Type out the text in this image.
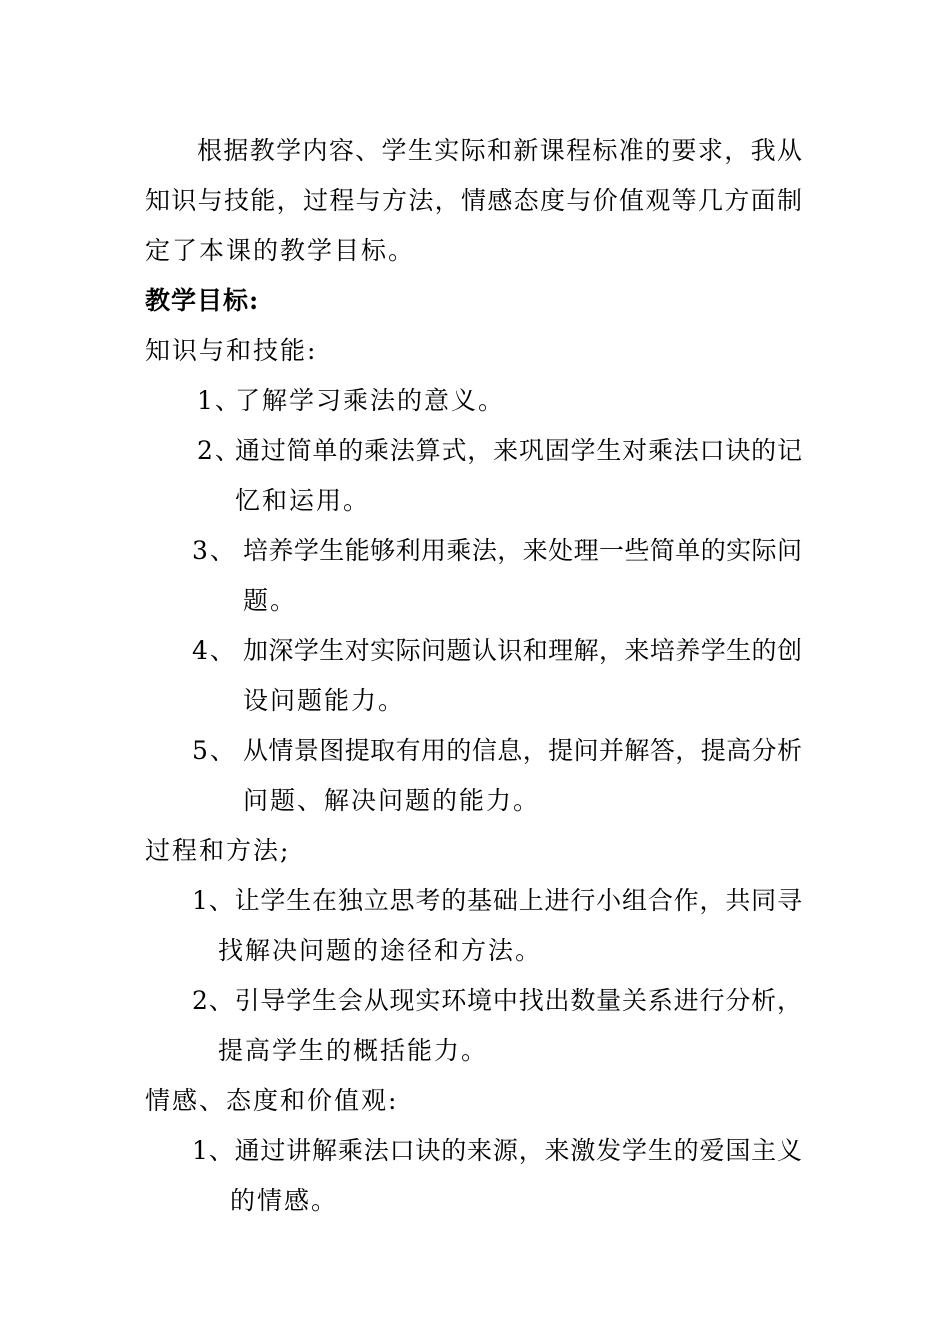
根据教学内容、学生实际和新课程标准的要求，我从
知识与技能，过程与方法，情感态度与价值观等几方面制
定了本课的教学目标。
教学目标:
知识与和技能:
1、
了解学习乘法的意义。
2、
通过简单的乘法算式，来巩固学生对乘法口诀的记
忆和运用。
3、 培养学生能够利用乘法，来处理一些简单的实际问
题。
4、 加深学生对实际问题认识和理解，来培养学生的创
设问题能力。
5、 从情景图提取有用的信息，提问并解答，提高分析
问题、解决问题的能力。
过程和方法;
1、让学生在独立思考的基础上进行小组合作，共同寻
找解决问题的途径和方法。
2、引导学生会从现实环境中找出数量关系进行分析，
提高学生的概括能力。
情感、态度和价值观:
1、通过讲解乘法口诀的来源，来激发学生的爱国主义
的情感。
